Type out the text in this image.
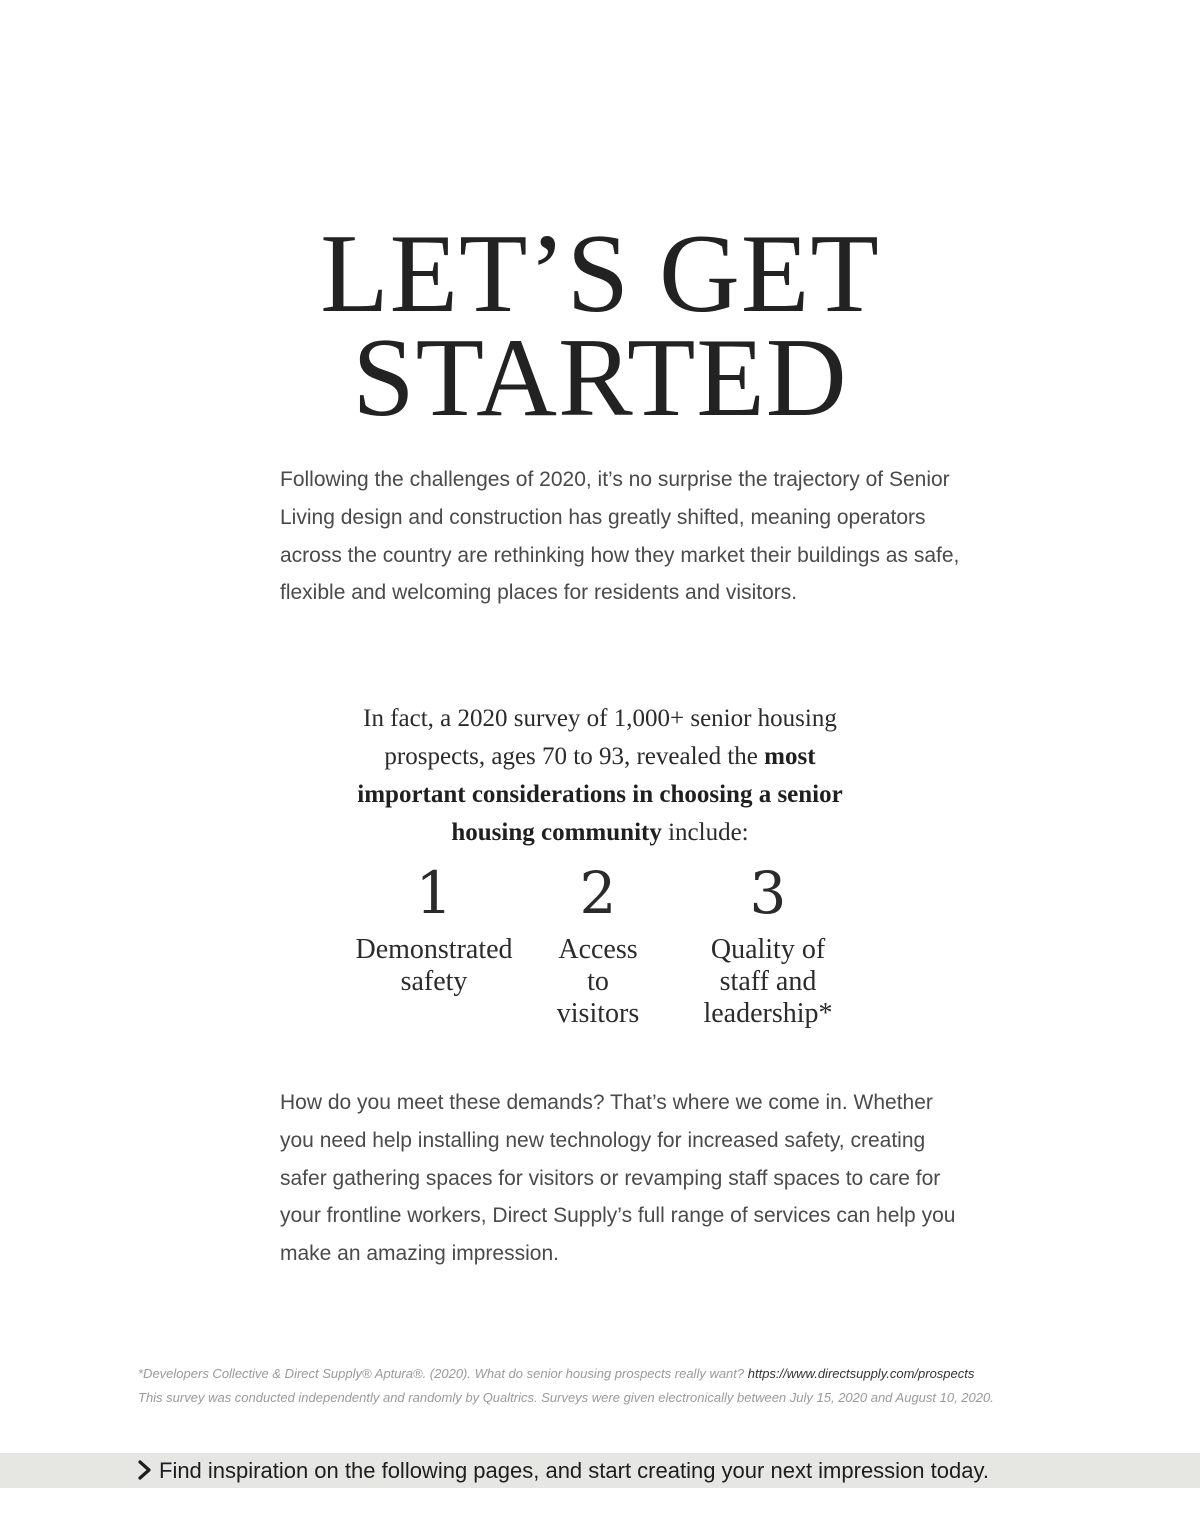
LET’S GET
STARTED

Following the challenges of 2020, it’s no surprise the trajectory of Senior Living design and construction has greatly shifted, meaning operators across the country are rethinking how they market their buildings as safe, flexible and welcoming places for residents and visitors.

In fact, a 2020 survey of 1,000+ senior housing prospects, ages 70 to 93, revealed the most important considerations in choosing a senior housing community include:

1
Demonstrated
safety
2
Access
to
visitors
3
Quality of
staff and
leadership*

How do you meet these demands? That’s where we come in. Whether you need help installing new technology for increased safety, creating safer gathering spaces for visitors or revamping staff spaces to care for your frontline workers, Direct Supply’s full range of services can help you make an amazing impression.

*Developers Collective & Direct Supply® Aptura®. (2020). What do senior housing prospects really want? https://www.directsupply.com/prospects
This survey was conducted independently and randomly by Qualtrics. Surveys were given electronically between July 15, 2020 and August 10, 2020.
Find inspiration on the following pages, and start creating your next impression today.
